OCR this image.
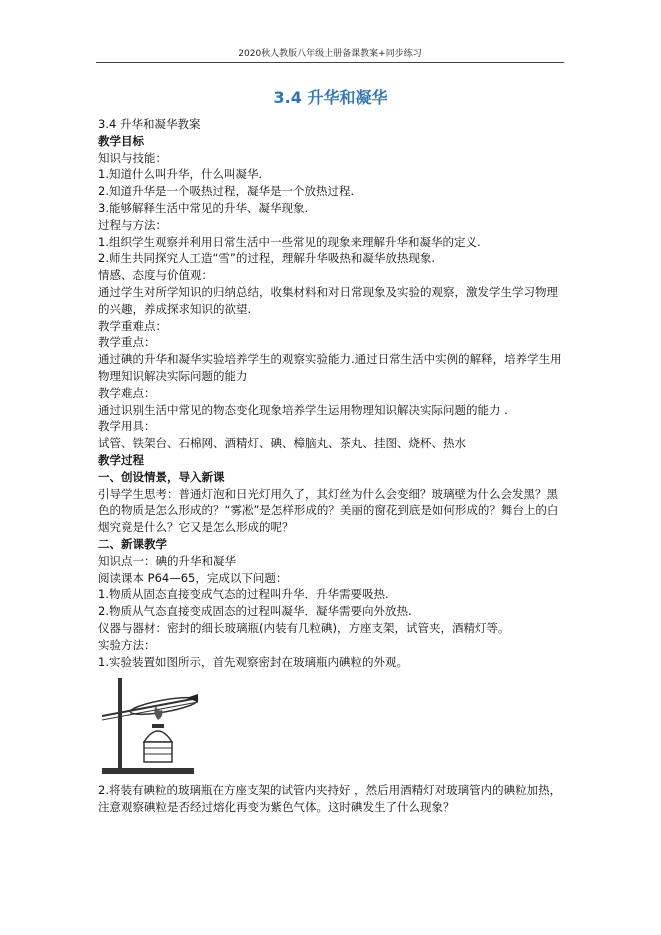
2020秋人教版八年级上册备课教案+同步练习
3.4 升华和凝华
3.4 升华和凝华教案
教学目标
知识与技能：
1.知道什么叫升华，什么叫凝华.
2.知道升华是一个吸热过程，凝华是一个放热过程.
3.能够解释生活中常见的升华、凝华现象.
过程与方法：
1.组织学生观察并利用日常生活中一些常见的现象来理解升华和凝华的定义.
2.师生共同探究人工造“雪”的过程，理解升华吸热和凝华放热现象.
情感、态度与价值观：
通过学生对所学知识的归纳总结，收集材料和对日常现象及实验的观察，激发学生学习物理的兴趣，养成探求知识的欲望.
教学重难点：
教学重点：
通过碘的升华和凝华实验培养学生的观察实验能力.通过日常生活中实例的解释，培养学生用物理知识解决实际问题的能力
教学难点：
通过识别生活中常见的物态变化现象培养学生运用物理知识解决实际问题的能力 .
教学用具：
试管、铁架台、石棉网、酒精灯、碘、樟脑丸、茶丸、挂图、烧杯、热水
教学过程
一、创设情景，导入新课
引导学生思考：普通灯泡和日光灯用久了，其灯丝为什么会变细？玻璃壁为什么会发黑？黑色的物质是怎么形成的？“雾凇”是怎样形成的？美丽的窗花到底是如何形成的？舞台上的白烟究竟是什么？它又是怎么形成的呢？
二、新课教学
知识点一：碘的升华和凝华
阅读课本 P64—65，完成以下问题：
1.物质从固态直接变成气态的过程叫升华．升华需要吸热.
2.物质从气态直接变成固态的过程叫凝华．凝华需要向外放热.
仪器与器材：密封的细长玻璃瓶(内装有几粒碘)，方座支架，试管夹，酒精灯等。
实验方法：
1.实验装置如图所示，首先观察密封在玻璃瓶内碘粒的外观。
2.将装有碘粒的玻璃瓶在方座支架的试管内夹持好 ，然后用酒精灯对玻璃管内的碘粒加热，注意观察碘粒是否经过熔化再变为紫色气体。这时碘发生了什么现象？
